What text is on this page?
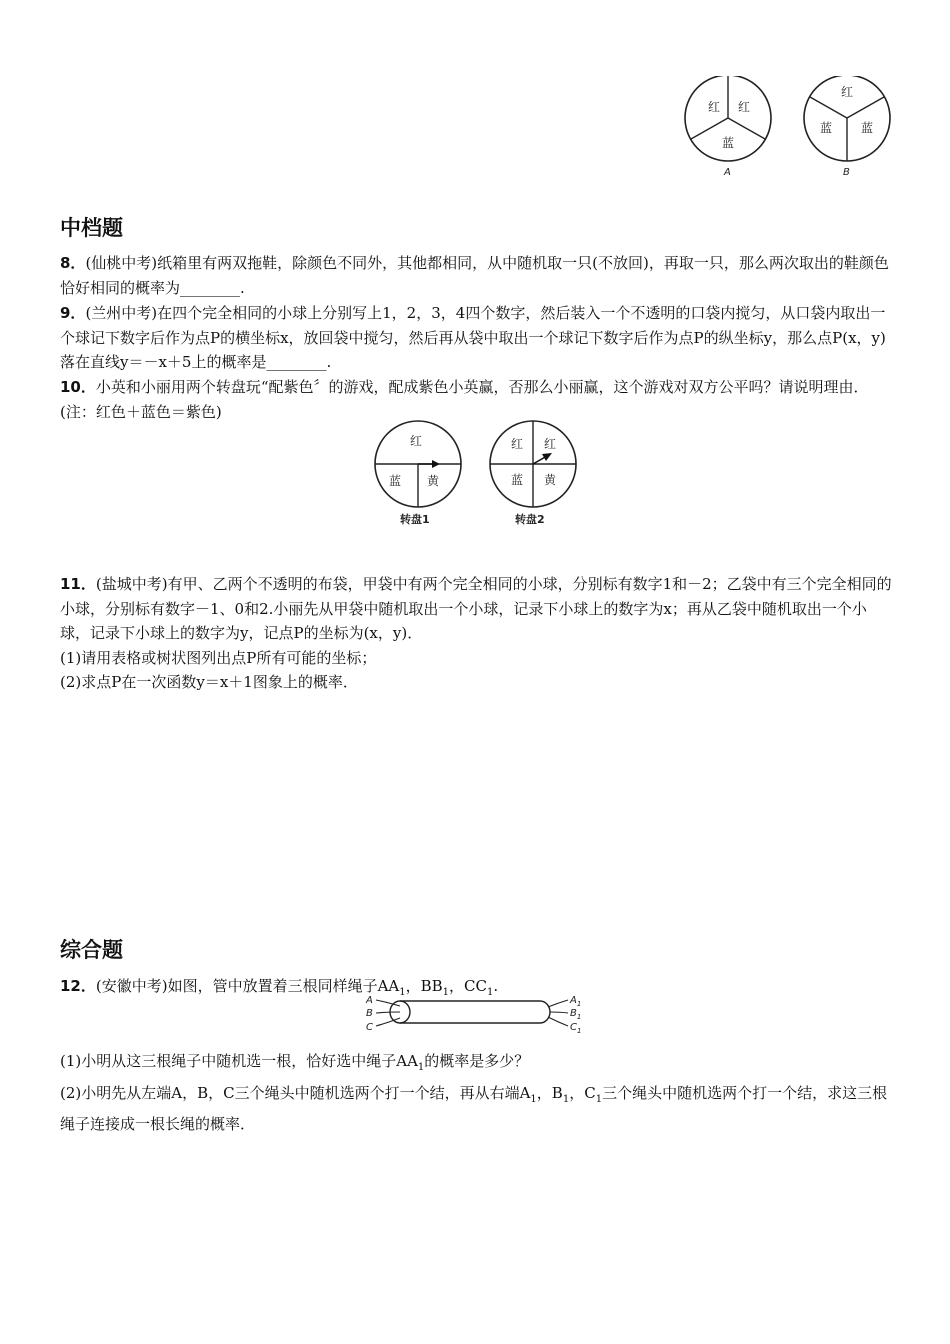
红 红
蓝
A
红
蓝 蓝
B
中档题

8．(仙桃中考)纸箱里有两双拖鞋，除颜色不同外，其他都相同，从中随机取一只(不放回)，再取一只，那么两次取出的鞋颜色恰好相同的概率为________.

9．(兰州中考)在四个完全相同的小球上分别写上1，2，3，4四个数字，然后装入一个不透明的口袋内搅匀，从口袋内取出一个球记下数字后作为点P的横坐标x，放回袋中搅匀，然后再从袋中取出一个球记下数字后作为点P的纵坐标y，那么点P(x，y)落在直线y＝－x＋5上的概率是________.

10．小英和小丽用两个转盘玩“配紫色〞的游戏，配成紫色小英赢，否那么小丽赢，这个游戏对双方公平吗？请说明理由．(注：红色＋蓝色＝紫色)

红
蓝 黄
转盘1
红 红
蓝 黄
转盘2

11．(盐城中考)有甲、乙两个不透明的布袋，甲袋中有两个完全相同的小球，分别标有数字1和－2；乙袋中有三个完全相同的小球，分别标有数字－1、0和2.小丽先从甲袋中随机取出一个小球，记录下小球上的数字为x；再从乙袋中随机取出一个小球，记录下小球上的数字为y，记点P的坐标为(x，y)．

(1)请用表格或树状图列出点P所有可能的坐标；

(2)求点P在一次函数y＝x＋1图象上的概率．

综合题

12．(安徽中考)如图，管中放置着三根同样绳子$AA_1$，$BB_1$，$CC_1$.

A
B
C
$A_1$
$B_1$
$C_1$

(1)小明从这三根绳子中随机选一根，恰好选中绳子$AA_1$的概率是多少？

(2)小明先从左端A，B，C三个绳头中随机选两个打一个结，再从右端$A_1$，$B_1$，$C_1$三个绳头中随机选两个打一个结，求这三根绳子连接成一根长绳的概率．
